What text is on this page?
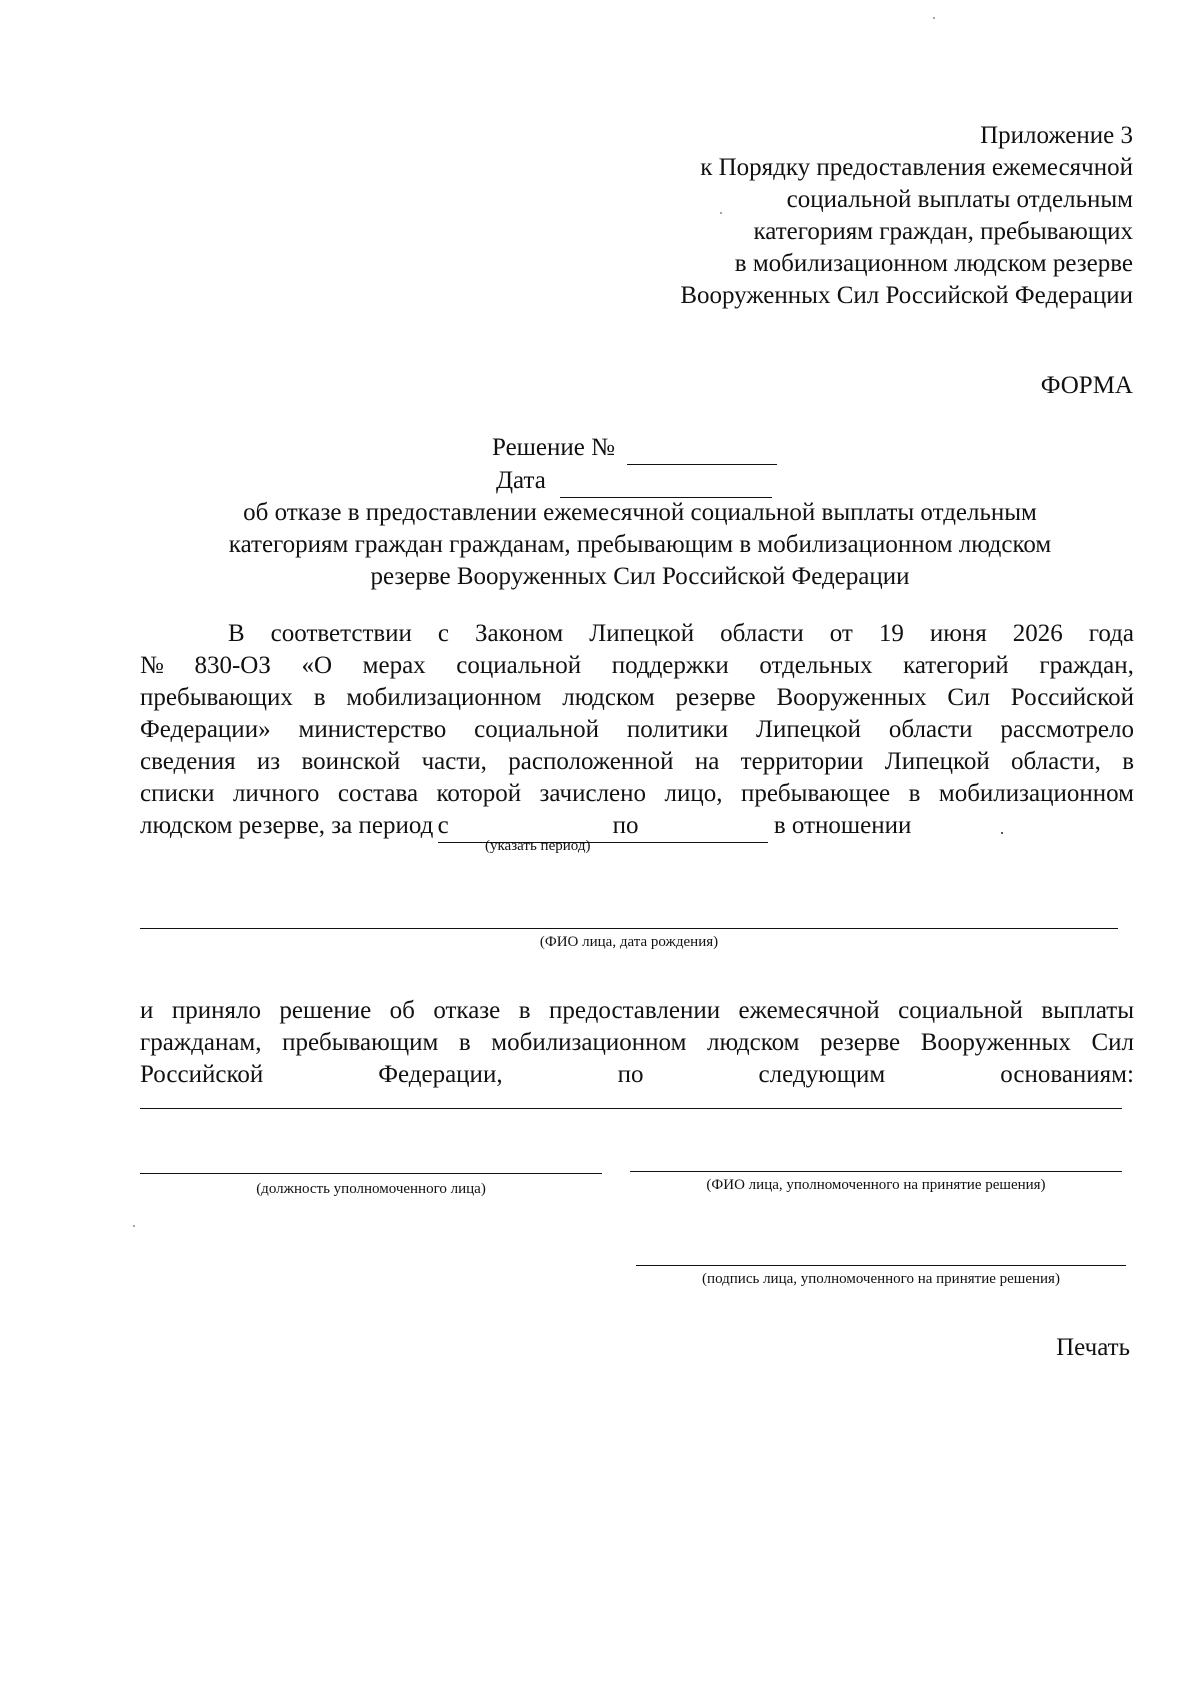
Приложение 3
к Порядку предоставления ежемесячной
социальной выплаты отдельным
категориям граждан, пребывающих
в мобилизационном людском резерве
Вооруженных Сил Российской Федерации
ФОРМА
Решение №
Дата
об отказе в предоставлении ежемесячной социальной выплаты отдельным
категориям граждан гражданам, пребывающим в мобилизационном людском
резерве Вооруженных Сил Российской Федерации
В соответствии с Законом Липецкой области от 19 июня 2026 года
№ 830-ОЗ «О мерах социальной поддержки отдельных категорий граждан,
пребывающих в мобилизационном людском резерве Вооруженных Сил Российской
Федерации» министерство социальной политики Липецкой области рассмотрело
сведения из воинской части, расположенной на территории Липецкой области, в
списки личного состава которой зачислено лицо, пребывающее в мобилизационном
людском резерве, за период с	по	в отношении
(указать период)
(ФИО лица, дата рождения)
и приняло решение об отказе в предоставлении ежемесячной социальной выплаты
гражданам, пребывающим в мобилизационном людском резерве Вооруженных Сил
Российской	Федерации,	по	следующим	основаниям:
(должность уполномоченного лица)	(ФИО лица, уполномоченного на принятие решения)
(подпись лица, уполномоченного на принятие решения)
Печать
